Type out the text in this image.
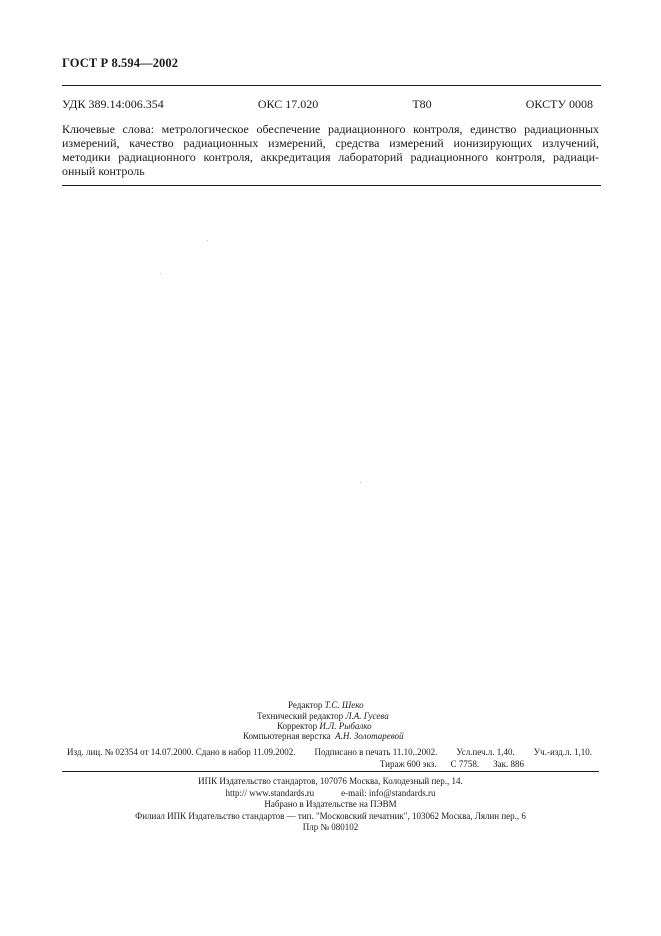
ГОСТ Р 8.594—2002
УДК 389.14:006.354	ОКС 17.020	Т80	ОКСТУ 0008
Ключевые слова: метрологическое обеспечение радиационного контроля, единство радиационных
измерений, качество радиационных измерений, средства измерений ионизирующих излучений,
методики радиационного контроля, аккредитация лабораторий радиационного контроля, радиаци-
онный контроль
Редактор Т.С. Шеко
Технический редактор Л.А. Гусева
Корректор И.Л. Рыбалко
Компьютерная верстка А.Н. Золотаревой
Изд. лиц. № 02354 от 14.07.2000. Сдано в набор 11.09.2002. Подписано в печать 11.10..2002. Усл.печ.л. 1,40. Уч.-изд.л. 1,10.
Тираж 600 экз. С 7758. Зак. 886
ИПК Издательство стандартов, 107076 Москва, Колодезный пер., 14.
http:// www.standards.ru            e-mail: info@standards.ru
Набрано в Издательстве на ПЭВМ
Филиал ИПК Издательство стандартов — тип. "Московский печатник", 103062 Москва, Лялин пер., 6
Плр № 080102
